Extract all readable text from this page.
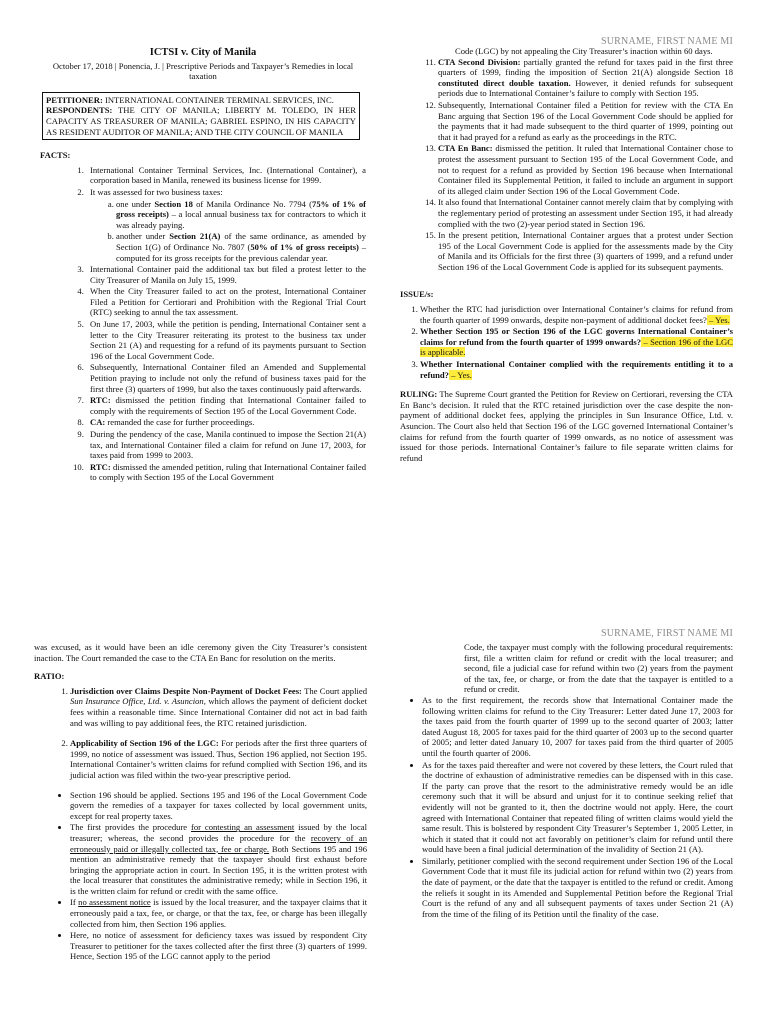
SURNAME, FIRST NAME MI
ICTSI v. City of Manila
October 17, 2018 | Ponencia, J. | Prescriptive Periods and Taxpayer’s Remedies in local taxation
PETITIONER: INTERNATIONAL CONTAINER TERMINAL SERVICES, INC.
RESPONDENTS: THE CITY OF MANILA; LIBERTY M. TOLEDO, IN HER CAPACITY AS TREASURER OF MANILA; GABRIEL ESPINO, IN HIS CAPACITY AS RESIDENT AUDITOR OF MANILA; AND THE CITY COUNCIL OF MANILA
FACTS:
1. International Container Terminal Services, Inc. (International Container), a corporation based in Manila, renewed its business license for 1999.
2. It was assessed for two business taxes:
a. one under Section 18 of Manila Ordinance No. 7794 (75% of 1% of gross receipts) – a local annual business tax for contractors to which it was already paying.
b. another under Section 21(A) of the same ordinance, as amended by Section 1(G) of Ordinance No. 7807 (50% of 1% of gross receipts) – computed for its gross receipts for the previous calendar year.
3. International Container paid the additional tax but filed a protest letter to the City Treasurer of Manila on July 15, 1999.
4. When the City Treasurer failed to act on the protest, International Container Filed a Petition for Certiorari and Prohibition with the Regional Trial Court (RTC) seeking to annul the tax assessment.
5. On June 17, 2003, while the petition is pending, International Container sent a letter to the City Treasurer reiterating its protest to the business tax under Section 21 (A) and requesting for a refund of its payments pursuant to Section 196 of the Local Government Code.
6. Subsequently, International Container filed an Amended and Supplemental Petition praying to include not only the refund of business taxes paid for the first three (3) quarters of 1999, but also the taxes continuously paid afterwards.
7. RTC: dismissed the petition finding that International Container failed to comply with the requirements of Section 195 of the Local Government Code.
8. CA: remanded the case for further proceedings.
9. During the pendency of the case, Manila continued to impose the Section 21(A) tax, and International Container filed a claim for refund on June 17, 2003, for taxes paid from 1999 to 2003.
10. RTC: dismissed the amended petition, ruling that International Container failed to comply with Section 195 of the Local Government
Code (LGC) by not appealing the City Treasurer’s inaction within 60 days.
11. CTA Second Division: partially granted the refund for taxes paid in the first three quarters of 1999, finding the imposition of Section 21(A) alongside Section 18 constituted direct double taxation. However, it denied refunds for subsequent periods due to International Container’s failure to comply with Section 195.
12. Subsequently, International Container filed a Petition for review with the CTA En Banc arguing that Section 196 of the Local Government Code should be applied for the payments that it had made subsequent to the third quarter of 1999, pointing out that it had prayed for a refund as early as the proceedings in the RTC.
13. CTA En Banc: dismissed the petition. It ruled that International Container chose to protest the assessment pursuant to Section 195 of the Local Government Code, and not to request for a refund as provided by Section 196 because when International Container filed its Supplemental Petition, it failed to include an argument in support of its alleged claim under Section 196 of the Local Government Code.
14. It also found that International Container cannot merely claim that by complying with the reglementary period of protesting an assessment under Section 195, it had already complied with the two (2)-year period stated in Section 196.
15. In the present petition, International Container argues that a protest under Section 195 of the Local Government Code is applied for the assessments made by the City of Manila and its Officials for the first three (3) quarters of 1999, and a refund under Section 196 of the Local Government Code is applied for its subsequent payments.
ISSUE/s:
1. Whether the RTC had jurisdiction over International Container’s claims for refund from the fourth quarter of 1999 onwards, despite non-payment of additional docket fees? – Yes.
2. Whether Section 195 or Section 196 of the LGC governs International Container’s claims for refund from the fourth quarter of 1999 onwards? – Section 196 of the LGC is applicable.
3. Whether International Container complied with the requirements entitling it to a refund? – Yes.
RULING: The Supreme Court granted the Petition for Review on Certiorari, reversing the CTA En Banc’s decision. It ruled that the RTC retained jurisdiction over the case despite the non-payment of additional docket fees, applying the principles in Sun Insurance Office, Ltd. v. Asuncion. The Court also held that Section 196 of the LGC governed International Container’s claims for refund from the fourth quarter of 1999 onwards, as no notice of assessment was issued for those periods. International Container’s failure to file separate written claims for refund
SURNAME, FIRST NAME MI
was excused, as it would have been an idle ceremony given the City Treasurer’s consistent inaction. The Court remanded the case to the CTA En Banc for resolution on the merits.
RATIO:
1. Jurisdiction over Claims Despite Non-Payment of Docket Fees: The Court applied Sun Insurance Office, Ltd. v. Asuncion, which allows the payment of deficient docket fees within a reasonable time. Since International Container did not act in bad faith and was willing to pay additional fees, the RTC retained jurisdiction.
2. Applicability of Section 196 of the LGC: For periods after the first three quarters of 1999, no notice of assessment was issued. Thus, Section 196 applied, not Section 195. International Container’s written claims for refund complied with Section 196, and its judicial action was filed within the two-year prescriptive period.
• Section 196 should be applied. Sections 195 and 196 of the Local Government Code govern the remedies of a taxpayer for taxes collected by local government units, except for real property taxes.
• The first provides the procedure for contesting an assessment issued by the local treasurer; whereas, the second provides the procedure for the recovery of an erroneously paid or illegally collected tax, fee or charge. Both Sections 195 and 196 mention an administrative remedy that the taxpayer should first exhaust before bringing the appropriate action in court. In Section 195, it is the written protest with the local treasurer that constitutes the administrative remedy; while in Section 196, it is the written claim for refund or credit with the same office.
• If no assessment notice is issued by the local treasurer, and the taxpayer claims that it erroneously paid a tax, fee, or charge, or that the tax, fee, or charge has been illegally collected from him, then Section 196 applies.
• Here, no notice of assessment for deficiency taxes was issued by respondent City Treasurer to petitioner for the taxes collected after the first three (3) quarters of 1999. Hence, Section 195 of the LGC cannot apply to the period
Code, the taxpayer must comply with the following procedural requirements: first, file a written claim for refund or credit with the local treasurer; and second, file a judicial case for refund within two (2) years from the payment of the tax, fee, or charge, or from the date that the taxpayer is entitled to a refund or credit.
• As to the first requirement, the records show that International Container made the following written claims for refund to the City Treasurer: Letter dated June 17, 2003 for the taxes paid from the fourth quarter of 1999 up to the second quarter of 2003; latter dated August 18, 2005 for taxes paid for the third quarter of 2003 up to the second quarter of 2005; and letter dated January 10, 2007 for taxes paid from the third quarter of 2005 until the fourth quarter of 2006.
• As for the taxes paid thereafter and were not covered by these letters, the Court ruled that the doctrine of exhaustion of administrative remedies can be dispensed with in this case. If the party can prove that the resort to the administrative remedy would be an idle ceremony such that it will be absurd and unjust for it to continue seeking relief that evidently will not be granted to it, then the doctrine would not apply. Here, the court agreed with International Container that repeated filing of written claims would yield the same result. This is bolstered by respondent City Treasurer’s September 1, 2005 Letter, in which it stated that it could not act favorably on petitioner’s claim for refund until there would have been a final judicial determination of the invalidity of Section 21 (A).
• Similarly, petitioner complied with the second requirement under Section 196 of the Local Government Code that it must file its judicial action for refund within two (2) years from the date of payment, or the date that the taxpayer is entitled to the refund or credit. Among the reliefs it sought in its Amended and Supplemental Petition before the Regional Trial Court is the refund of any and all subsequent payments of taxes under Section 21 (A) from the time of the filing of its Petition until the finality of the case.
